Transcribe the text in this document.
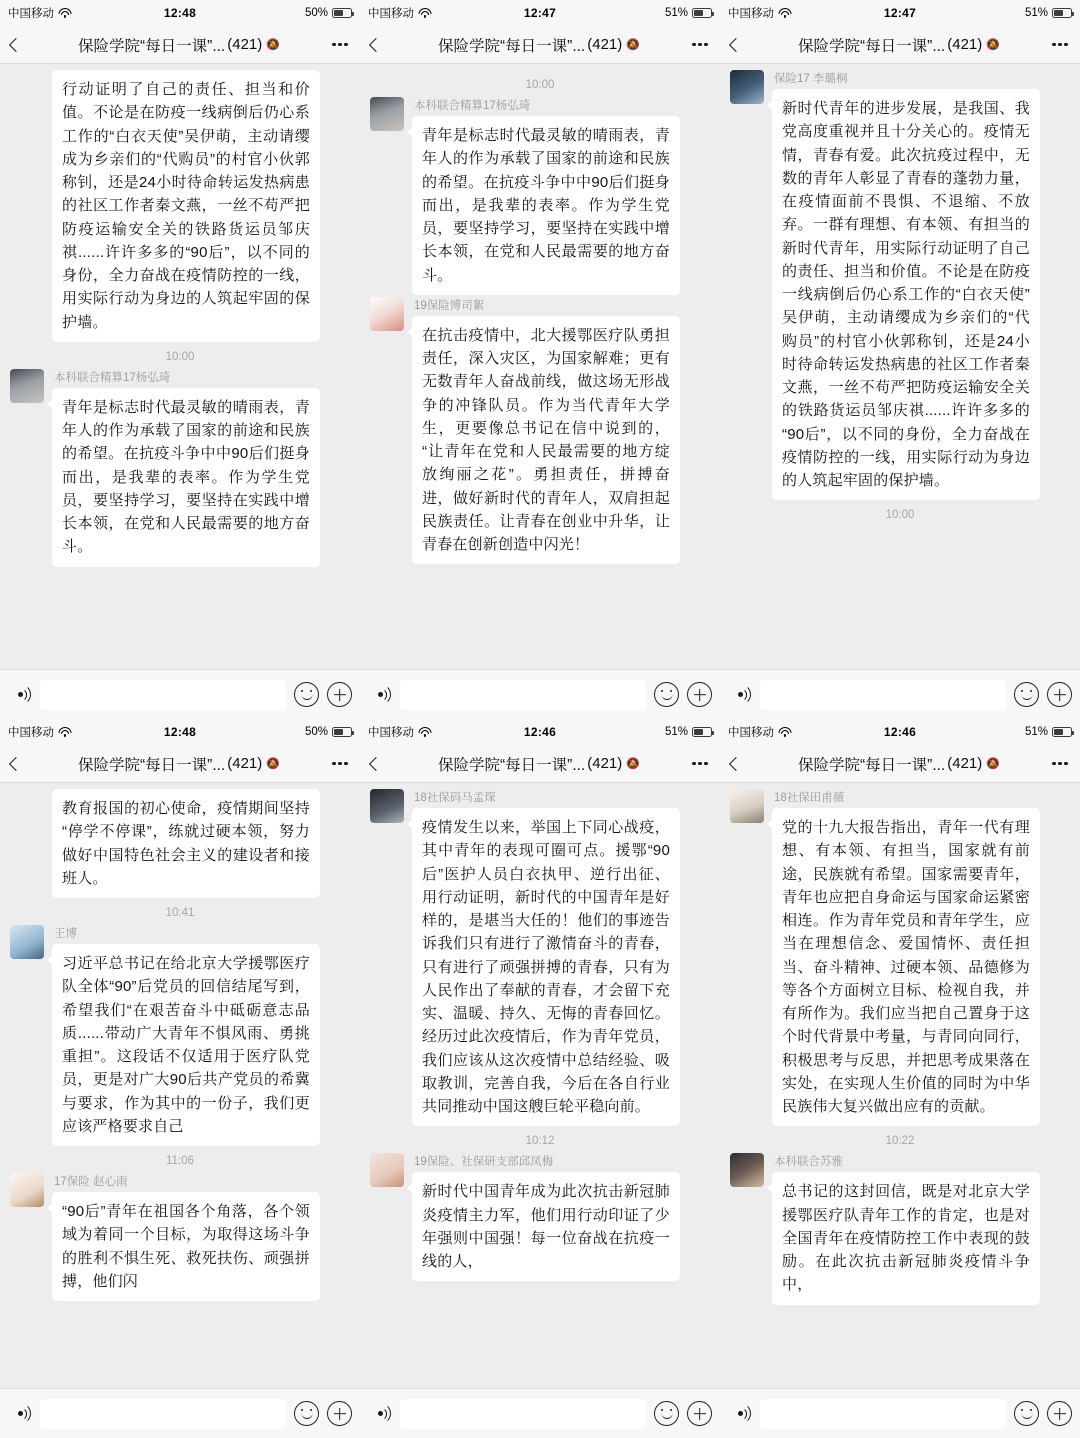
中国移动	12:48	50%
保险学院“每日一课”... (421) 🔕
行动证明了自己的责任、担当和价值。不论是在防疫一线病倒后仍心系工作的“白衣天使”吴伊萌，主动请缨成为乡亲们的“代购员”的村官小伙郭称钊，还是24小时待命转运发热病患的社区工作者秦文燕，一丝不苟严把防疫运输安全关的铁路货运员邹庆祺......许许多多的“90后”，以不同的身份，全力奋战在疫情防控的一线，用实际行动为身边的人筑起牢固的保护墙。
10:00
本科联合精算17杨弘琦
青年是标志时代最灵敏的晴雨表，青年人的作为承载了国家的前途和民族的希望。在抗疫斗争中中90后们挺身而出，是我辈的表率。作为学生党员，要坚持学习，要坚持在实践中增长本领，在党和人民最需要的地方奋斗。
中国移动	12:47	51%
保险学院“每日一课”... (421) 🔕
10:00
本科联合精算17杨弘琦
青年是标志时代最灵敏的晴雨表，青年人的作为承载了国家的前途和民族的希望。在抗疫斗争中中90后们挺身而出，是我辈的表率。作为学生党员，要坚持学习，要坚持在实践中增长本领，在党和人民最需要的地方奋斗。
19保险博司絮
在抗击疫情中，北大援鄂医疗队勇担责任，深入灾区，为国家解难；更有无数青年人奋战前线，做这场无形战争的冲锋队员。作为当代青年大学生，更要像总书记在信中说到的，“让青年在党和人民最需要的地方绽放绚丽之花”。勇担责任，拼搏奋进，做好新时代的青年人，双肩担起民族责任。让青春在创业中升华，让青春在创新创造中闪光！
中国移动	12:47	51%
保险学院“每日一课”... (421) 🔕
保险17 李璐桐
新时代青年的进步发展，是我国、我党高度重视并且十分关心的。疫情无情，青春有爱。此次抗疫过程中，无数的青年人彰显了青春的蓬勃力量，在疫情面前不畏惧、不退缩、不放弃。一群有理想、有本领、有担当的新时代青年，用实际行动证明了自己的责任、担当和价值。不论是在防疫一线病倒后仍心系工作的“白衣天使”吴伊萌，主动请缨成为乡亲们的“代购员”的村官小伙郭称钊，还是24小时待命转运发热病患的社区工作者秦文燕，一丝不苟严把防疫运输安全关的铁路货运员邹庆祺......许许多多的“90后”，以不同的身份，全力奋战在疫情防控的一线，用实际行动为身边的人筑起牢固的保护墙。
10:00
中国移动	12:48	50%
保险学院“每日一课”... (421) 🔕
教育报国的初心使命，疫情期间坚持“停学不停课”，练就过硬本领，努力做好中国特色社会主义的建设者和接班人。
10:41
王博
习近平总书记在给北京大学援鄂医疗队全体“90”后党员的回信结尾写到，希望我们“在艰苦奋斗中砥砺意志品质......带动广大青年不惧风雨、勇挑重担”。这段话不仅适用于医疗队党员，更是对广大90后共产党员的希冀与要求，作为其中的一份子，我们更应该严格要求自己
11:06
17保险 赵心雨
“90后”青年在祖国各个角落，各个领域为着同一个目标，为取得这场斗争的胜利不惧生死、救死扶伤、顽强拼搏，他们闪
中国移动	12:46	51%
保险学院“每日一课”... (421) 🔕
18社保码马孟琛
疫情发生以来，举国上下同心战疫，其中青年的表现可圈可点。援鄂“90后”医护人员白衣执甲、逆行出征、用行动证明，新时代的中国青年是好样的，是堪当大任的！他们的事迹告诉我们只有进行了激情奋斗的青春，只有进行了顽强拼搏的青春，只有为人民作出了奉献的青春，才会留下充实、温暖、持久、无悔的青春回忆。经历过此次疫情后，作为青年党员，我们应该从这次疫情中总结经验、吸取教训，完善自我，今后在各自行业共同推动中国这艘巨轮平稳向前。
10:12
19保险、社保研支部邱凤梅
新时代中国青年成为此次抗击新冠肺炎疫情主力军，他们用行动印证了少年强则中国强！每一位奋战在抗疫一线的人，
中国移动	12:46	51%
保险学院“每日一课”... (421) 🔕
18社保田甫薇
党的十九大报告指出，青年一代有理想、有本领、有担当，国家就有前途，民族就有希望。国家需要青年，青年也应把自身命运与国家命运紧密相连。作为青年党员和青年学生，应当在理想信念、爱国情怀、责任担当、奋斗精神、过硬本领、品德修为等各个方面树立目标、检视自我，并有所作为。我们应当把自己置身于这个时代背景中考量，与青同向同行，积极思考与反思，并把思考成果落在实处，在实现人生价值的同时为中华民族伟大复兴做出应有的贡献。
10:22
本科联合苏雅
总书记的这封回信，既是对北京大学援鄂医疗队青年工作的肯定，也是对全国青年在疫情防控工作中表现的鼓励。在此次抗击新冠肺炎疫情斗争中，
